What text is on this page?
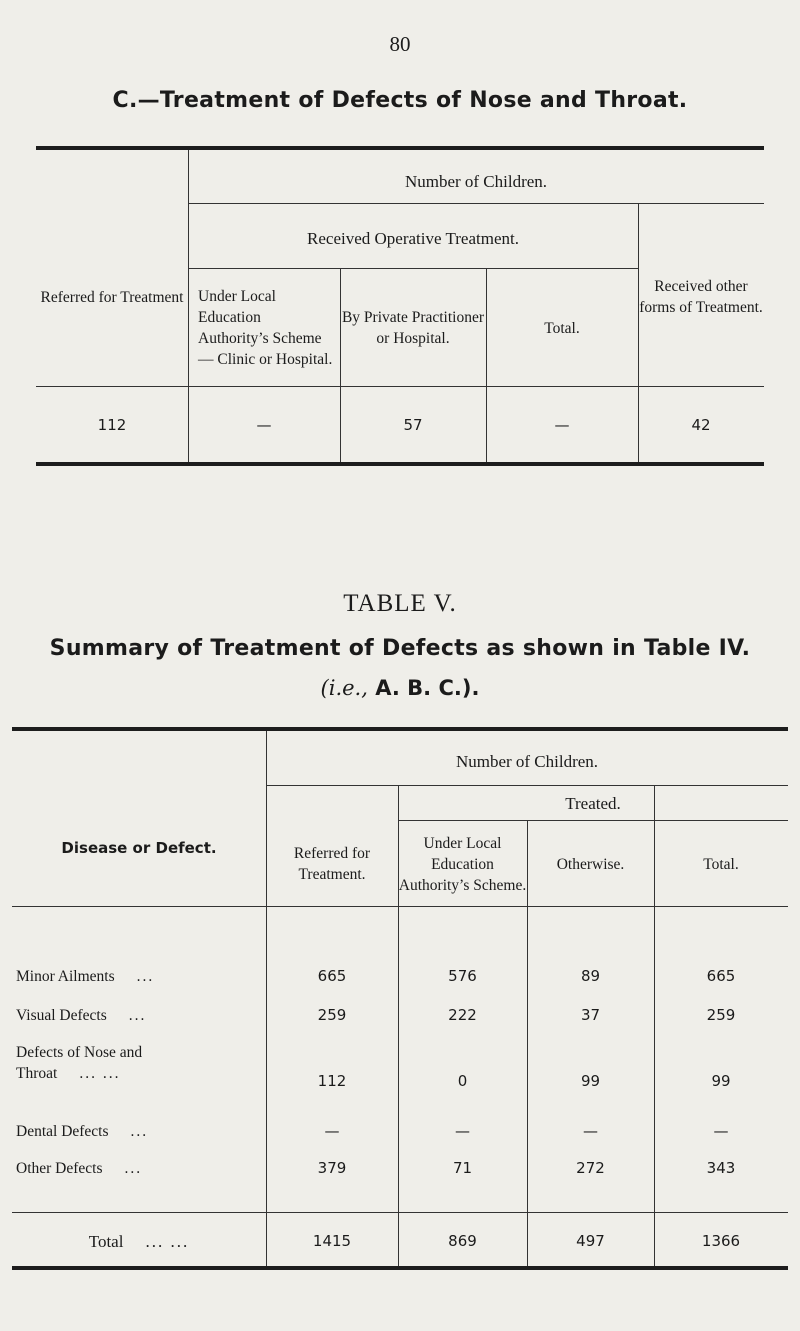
80
C.—Treatment of Defects of Nose and Throat.
Referred for Treatment
Number of Children.
Received Operative Treatment.
Under Local Education Authority’s Scheme— Clinic or Hospital.
By Private Practitioner or Hospital.
Total.
Received other forms of Treatment.
112	—	57	—	42
TABLE V.
Summary of Treatment of Defects as shown in Table IV.
(i.e., A. B. C.).
Disease or Defect.
Number of Children.
Treated.
Referred for Treatment.
Under Local Education Authority’s Scheme.
Otherwise.	Total.
Minor Ailments ...	665	576	89	665
Visual Defects ...	259	222	37	259
Defects of Nose and Throat ... ...	112	0	99	99
Dental Defects ...	—	—	—	—
Other Defects ...	379	71	272	343
Total ... ...	1415	869	497	1366
